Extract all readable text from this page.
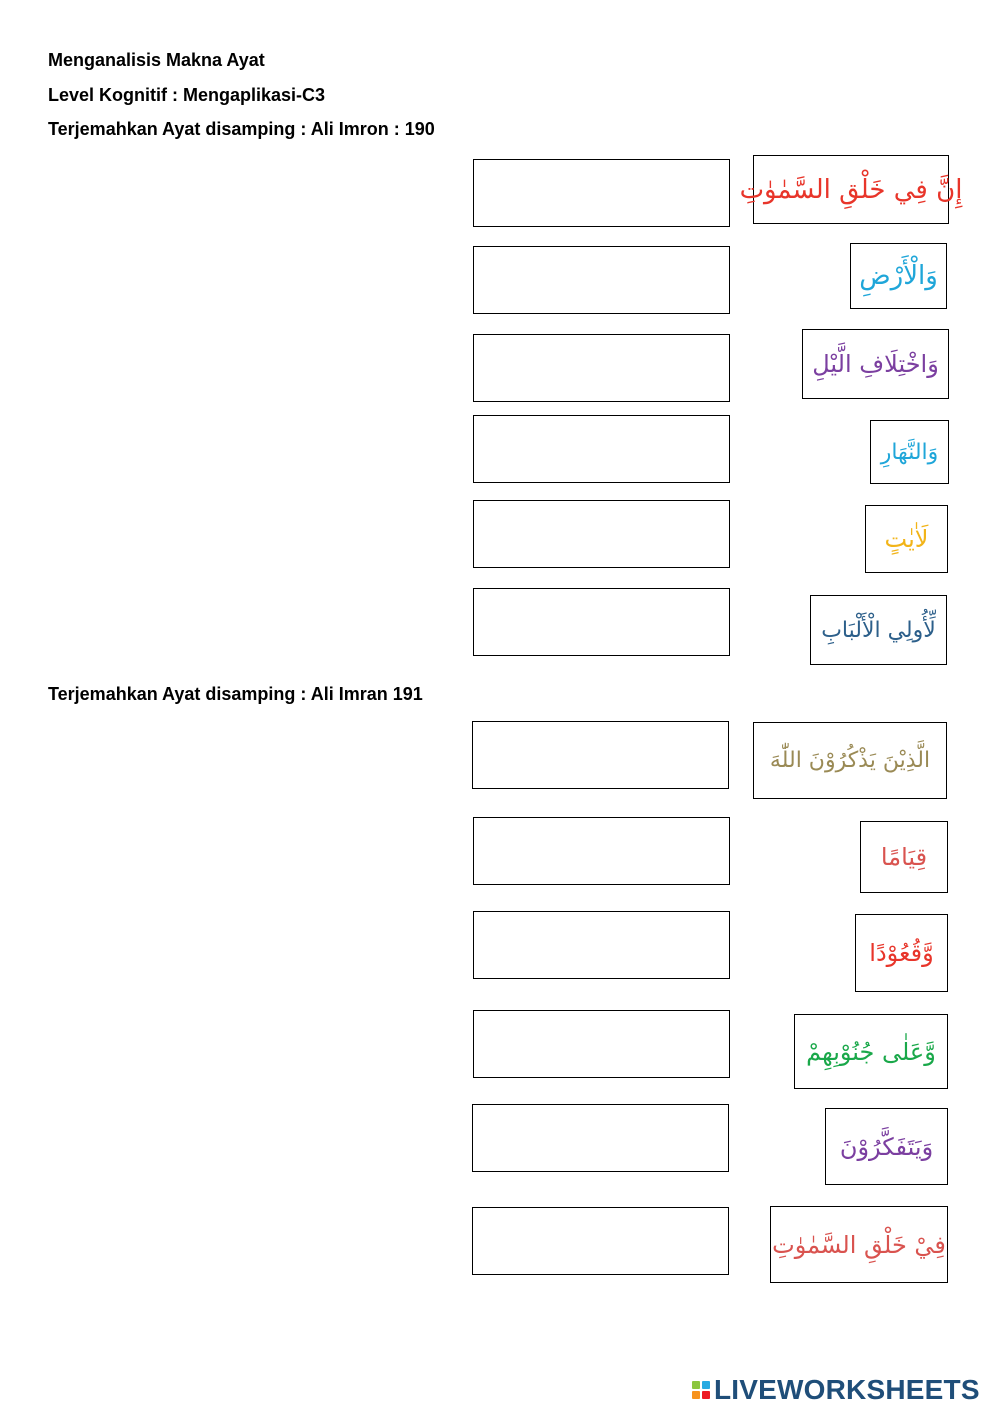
Menganalisis Makna Ayat

Level Kognitif : Mengaplikasi-C3

Terjemahkan Ayat disamping : Ali Imron : 190

Terjemahkan Ayat disamping : Ali Imran 191

إِنَّ فِي خَلْقِ السَّمٰوٰتِ
وَالْأَرْضِ
وَاخْتِلَافِ الَّيْلِ
وَالنَّهَارِ
لَاٰيٰتٍ
لِّأُولِي الْأَلْبَابِ
الَّذِيْنَ يَذْكُرُوْنَ اللّٰهَ
قِيَامًا
وَّقُعُوْدًا
وَّعَلٰى جُنُوْبِهِمْ
وَيَتَفَكَّرُوْنَ
فِيْ خَلْقِ السَّمٰوٰتِ
LIVEWORKSHEETS
